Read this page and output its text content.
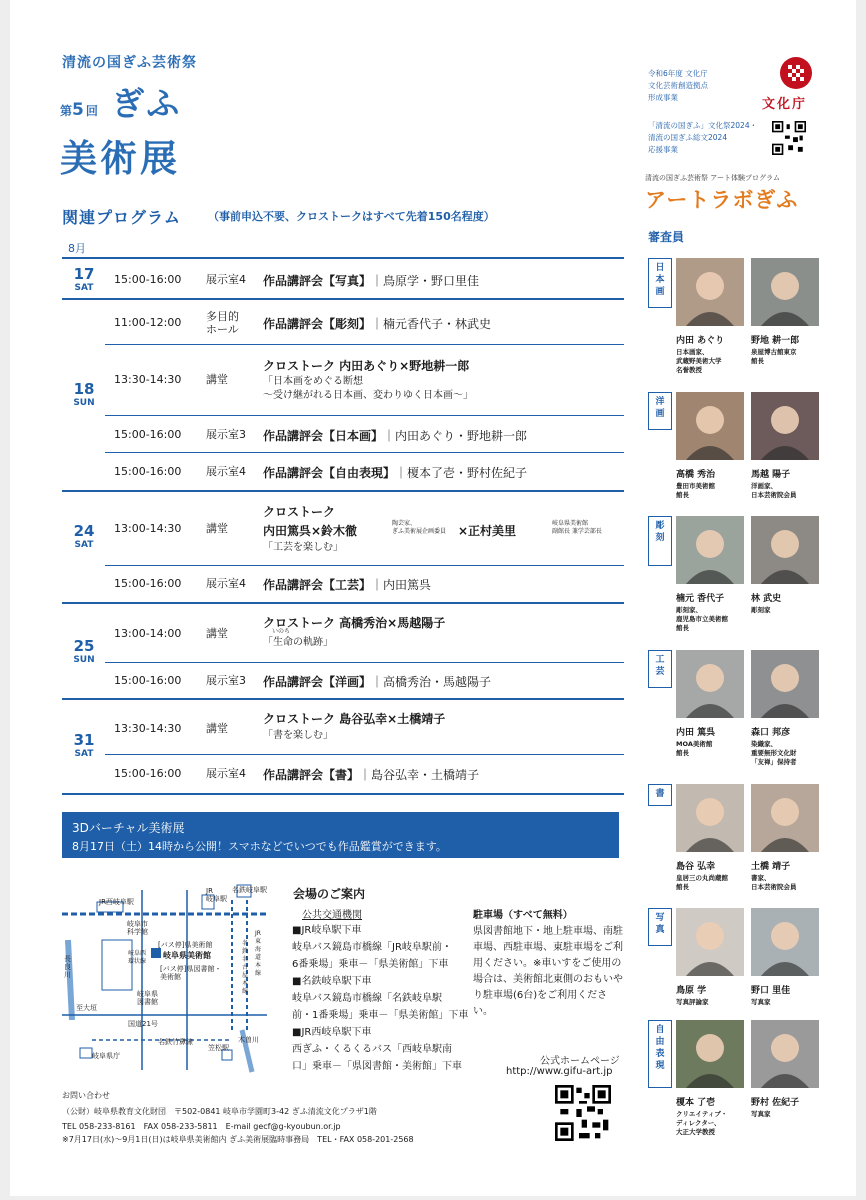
清流の国ぎふ芸術祭
第5回 ぎふ
美術展
関連プログラム （事前申込不要、クロストークはすべて先着150名程度）
8月
17
SAT
18
SUN
24
SAT
25
SUN
31
SAT
15:00-16:00 展示室4 作品講評会【写真】｜鳥原学・野口里佳
11:00-12:00 多目的
ホール 作品講評会【彫刻】｜楠元香代子・林武史
13:30-14:30 講堂
クロストーク 内田あぐり×野地耕一郎
「日本画をめぐる断想
～受け継がれる日本画、変わりゆく日本画～」
15:00-16:00 展示室3 作品講評会【日本画】｜内田あぐり・野地耕一郎
15:00-16:00 展示室4 作品講評会【自由表現】｜榎本了壱・野村佐紀子
13:00-14:30 講堂
クロストーク
内田篤呉×鈴木徹
陶芸家、
ぎふ美術展企画委員 ×正村美里
岐阜県美術館
副館長 兼学芸部長
「工芸を楽しむ」
15:00-16:00 展示室4 作品講評会【工芸】｜内田篤呉
13:00-14:00 講堂
クロストーク 高橋秀治×馬越陽子
いのち
「生命の軌跡」
15:00-16:00 展示室3 作品講評会【洋画】｜高橋秀治・馬越陽子
13:30-14:30 講堂
クロストーク 島谷弘幸×土橋靖子
「書を楽しむ」
15:00-16:00 展示室4 作品講評会【書】｜島谷弘幸・土橋靖子
3Dバーチャル美術展
8月17日（土）14時から公開！スマホなどでいつでも作品鑑賞ができます。
JR西岐阜駅
JR
岐阜駅
名鉄岐阜駅
岐阜市
科学館
[バス停]県美術館
岐阜県美術館
[バス停]県図書館・
美術館
岐阜県
図書館
岐阜西
環状線
名鉄名古屋本線
JR東海道本線
長良川
至大垣
国道21号
名鉄竹鼻線
笠松駅
木曽川
岐阜県庁
会場のご案内
公共交通機関
■JR岐阜駅下車
岐阜バス鏡島市橋線「JR岐阜駅前・
6番乗場」乗車－「県美術館」下車
■名鉄岐阜駅下車
岐阜バス鏡島市橋線「名鉄岐阜駅
前・1番乗場」乗車－「県美術館」下車
■JR西岐阜駅下車
西ぎふ・くるくるバス「西岐阜駅南
口」乗車－「県図書館・美術館」下車
駐車場（すべて無料）
県図書館地下・地上駐車場、南駐車場、西駐車場、東駐車場をご利用ください。※車いすをご使用の場合は、美術館北東側のおもいやり駐車場(6台)をご利用ください。
公式ホームページ
http://www.gifu-art.jp
お問い合わせ
（公財）岐阜県教育文化財団　〒502-0841 岐阜市学園町3-42 ぎふ清流文化プラザ1階
TEL 058-233-8161　FAX 058-233-5811　E-mail gecf@g-kyoubun.or.jp
※7月17日(水)～9月1日(日)は岐阜県美術館内 ぎふ美術展臨時事務局　TEL・FAX 058-201-2568
令和6年度 文化庁
文化芸術創造拠点
形成事業	文化庁
「清流の国ぎふ」文化祭2024・
清流の国ぎふ総文2024
応援事業
清流の国ぎふ芸術祭 アート体験プログラム
アートラボぎふ
審査員
日
本
画
内田 あぐり
日本画家、
武蔵野美術大学
名誉教授
野地 耕一郎
泉屋博古館東京
館長
洋
画
高橋 秀治
豊田市美術館
館長
馬越 陽子
洋画家、
日本芸術院会員
彫
刻
楠元 香代子
彫刻家、
鹿児島市立美術館
館長
林 武史
彫刻家
工
芸
内田 篤呉
MOA美術館
館長
森口 邦彦
染織家、
重要無形文化財
「友禅」保持者
書
島谷 弘幸
皇居三の丸尚蔵館
館長
土橋 靖子
書家、
日本芸術院会員
写
真
鳥原 学
写真評論家
野口 里佳
写真家
自
由
表
現
榎本 了壱
クリエイティブ・
ディレクター、
大正大学教授
野村 佐紀子
写真家
